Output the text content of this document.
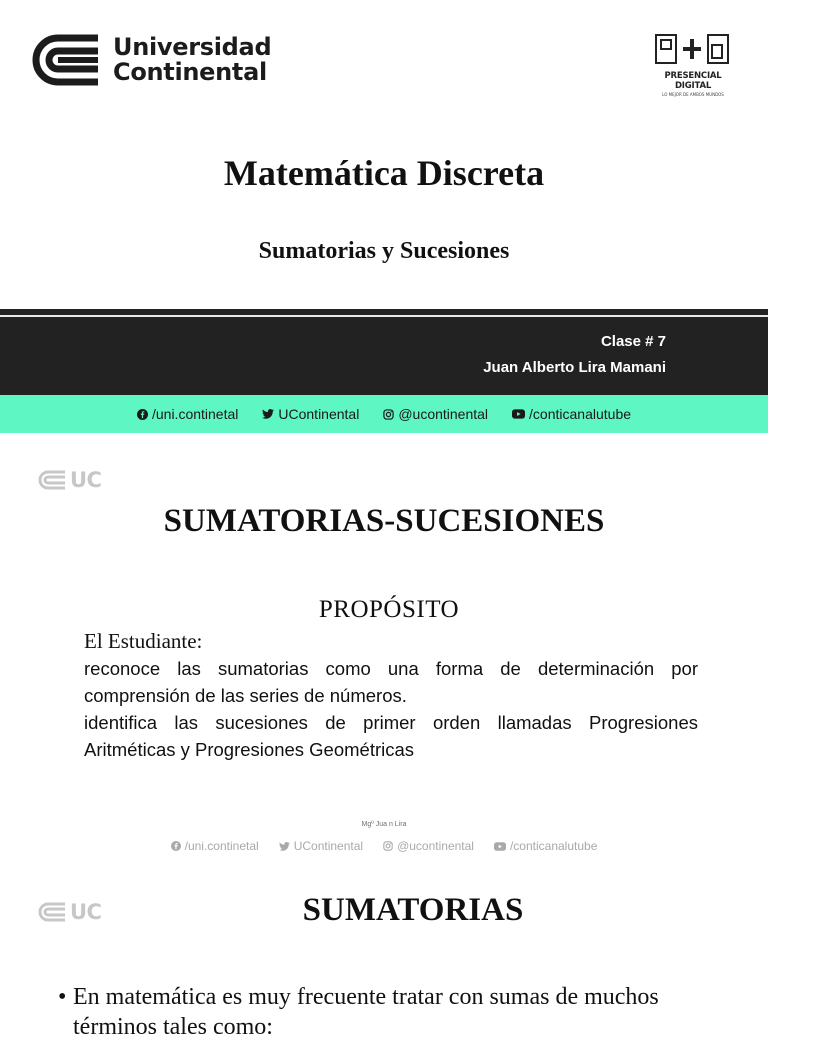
Universidad
Continental	PRESENCIAL DIGITAL
LO MEJOR DE AMBOS MUNDOS
Matemática Discreta
Sumatorias y Sucesiones
Clase # 7
Juan Alberto Lira Mamani
/uni.continetal	UContinental	@ucontinental	/conticanalutube
UC
SUMATORIAS-SUCESIONES
PROPÓSITO
El Estudiante:

reconoce las sumatorias como una forma de determinación por comprensión de las series de números.

identifica las sucesiones de primer orden llamadas Progresiones Aritméticas y Progresiones Geométricas

Mgº Jua n Lira
/uni.continetal	UContinental	@ucontinental	/conticanalutube
UC	SUMATORIAS
• En matemática es muy frecuente tratar con sumas de muchos términos tales como:
